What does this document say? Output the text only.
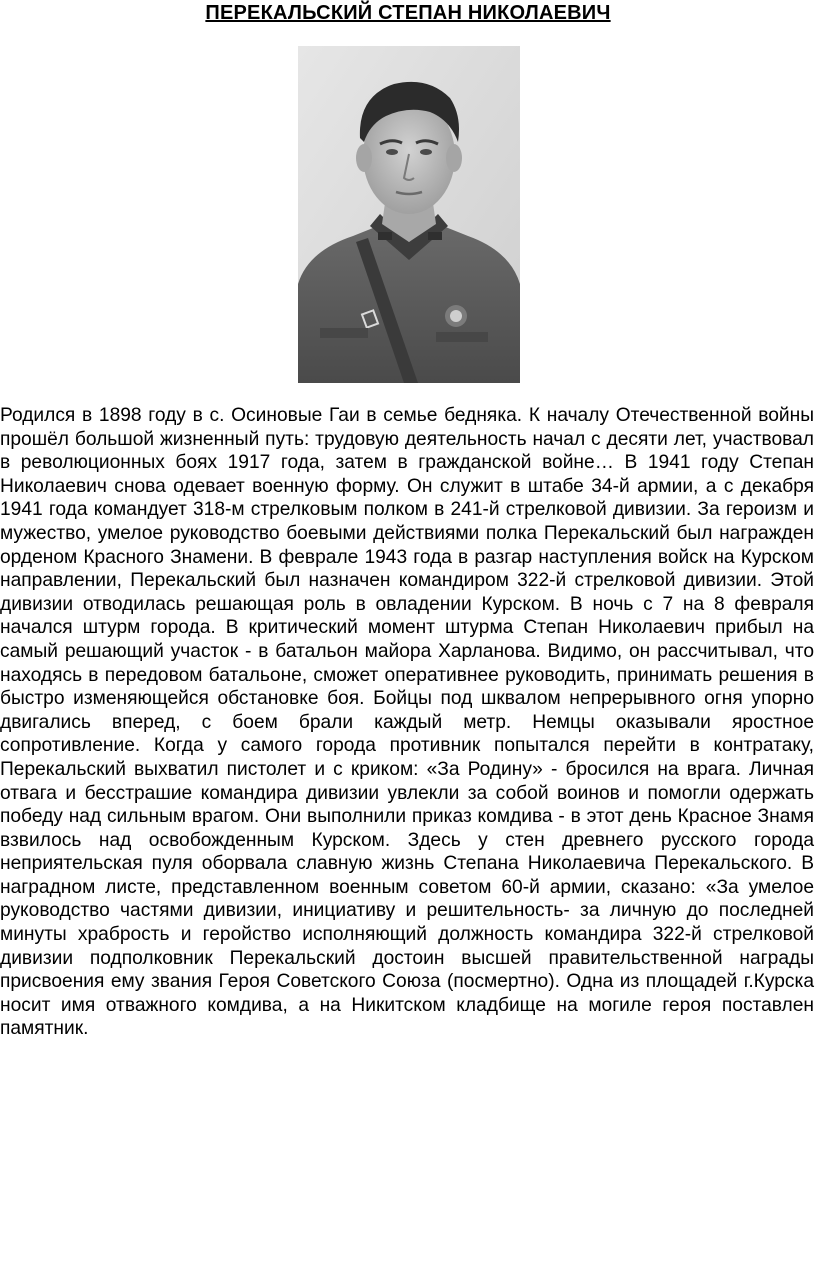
ПЕРЕКАЛЬСКИЙ СТЕПАН НИКОЛАЕВИЧ

Родился в 1898 году в с. Осиновые Гаи в семье бедняка. К началу Отечественной войны прошёл большой жизненный путь: трудовую деятельность начал с десяти лет, участвовал в революционных боях 1917 года, затем в гражданской войне… В 1941 году Степан Николаевич снова одевает военную форму. Он служит в штабе 34-й армии, а с декабря 1941 года командует 318-м стрелковым полком в 241-й стрелковой дивизии. За героизм и мужество, умелое руководство боевыми действиями полка Перекальский был награжден орденом Красного Знамени. В феврале 1943 года в разгар наступления войск на Курском направлении, Перекальский был назначен командиром 322-й стрелковой дивизии. Этой дивизии отводилась решающая роль в овладении Курском. В ночь с 7 на 8 февраля начался штурм города. В критический момент штурма Степан Николаевич прибыл на самый решающий участок - в батальон майора Харланова. Видимо, он рассчитывал, что находясь в передовом батальоне, сможет оперативнее руководить, принимать решения в быстро изменяющейся обстановке боя. Бойцы под шквалом непрерывного огня упорно двигались вперед, с боем брали каждый метр. Немцы оказывали яростное сопротивление. Когда у самого города противник попытался перейти в контратаку, Перекальский выхватил пистолет и с криком: «За Родину» - бросился на врага. Личная отвага и бесстрашие командира дивизии увлекли за собой воинов и помогли одержать победу над сильным врагом. Они выполнили приказ комдива - в этот день Красное Знамя взвилось над освобожденным Курском. Здесь у стен древнего русского города неприятельская пуля оборвала славную жизнь Степана Николаевича Перекальского. В наградном листе, представленном военным советом 60-й армии, сказано: «За умелое руководство частями дивизии, инициативу и решительность- за личную до последней минуты храбрость и геройство исполняющий должность командира 322-й стрелковой дивизии подполковник Перекальский достоин высшей правительственной награды присвоения ему звания Героя Советского Союза (посмертно). Одна из площадей г.Курска носит имя отважного комдива, а на Никитском кладбище на могиле героя поставлен памятник.
